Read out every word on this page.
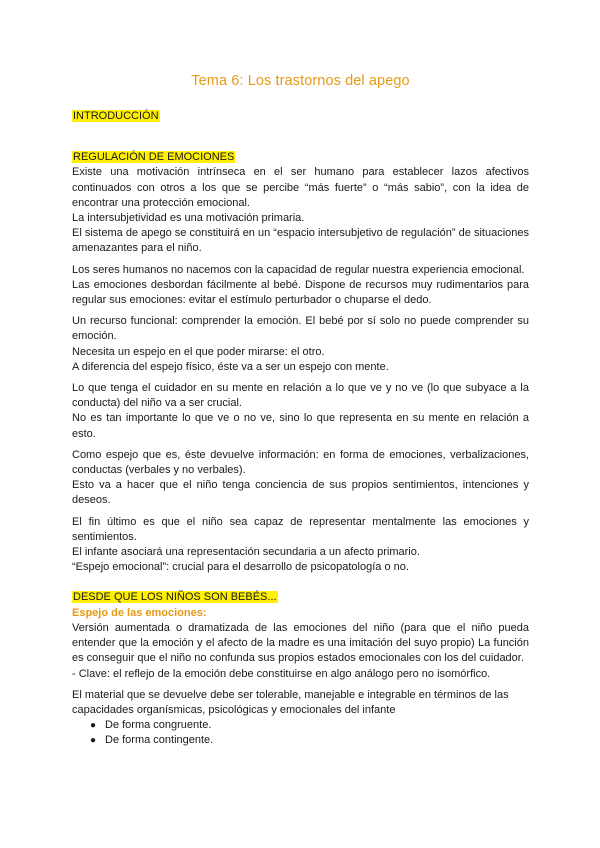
Tema 6: Los trastornos del apego
INTRODUCCIÓN
REGULACIÓN DE EMOCIONES

Existe una motivación intrínseca en el ser humano para establecer lazos afectivos continuados con otros a los que se percibe “más fuerte” o “más sabio”, con la idea de encontrar una protección emocional.

La intersubjetividad es una motivación primaria.

El sistema de apego se constituirá en un “espacio intersubjetivo de regulación” de situaciones amenazantes para el niño.

Los seres humanos no nacemos con la capacidad de regular nuestra experiencia emocional.

Las emociones desbordan fácilmente al bebé. Dispone de recursos muy rudimentarios para regular sus emociones: evitar el estímulo perturbador o chuparse el dedo.

Un recurso funcional: comprender la emoción. El bebé por sí solo no puede comprender su emoción.

Necesita un espejo en el que poder mirarse: el otro.

A diferencia del espejo físico, éste va a ser un espejo con mente.

Lo que tenga el cuidador en su mente en relación a lo que ve y no ve (lo que subyace a la conducta) del niño va a ser crucial.

No es tan importante lo que ve o no ve, sino lo que representa en su mente en relación a esto.

Como espejo que es, éste devuelve información: en forma de emociones, verbalizaciones, conductas (verbales y no verbales).

Esto va a hacer que el niño tenga conciencia de sus propios sentimientos, intenciones y deseos.

El fin último es que el niño sea capaz de representar mentalmente las emociones y sentimientos.

El infante asociará una representación secundaria a un afecto primario.

“Espejo emocional”: crucial para el desarrollo de psicopatología o no.

DESDE QUE LOS NIÑOS SON BEBÉS...
Espejo de las emociones:

Versión aumentada o dramatizada de las emociones del niño (para que el niño pueda entender que la emoción y el afecto de la madre es una imitación del suyo propio) La función es conseguir que el niño no confunda sus propios estados emocionales con los del cuidador.

- Clave: el reflejo de la emoción debe constituirse en algo análogo pero no isomórfico.

El material que se devuelve debe ser tolerable, manejable e integrable en términos de las capacidades organísmicas, psicológicas y emocionales del infante

● De forma congruente.
● De forma contingente.
